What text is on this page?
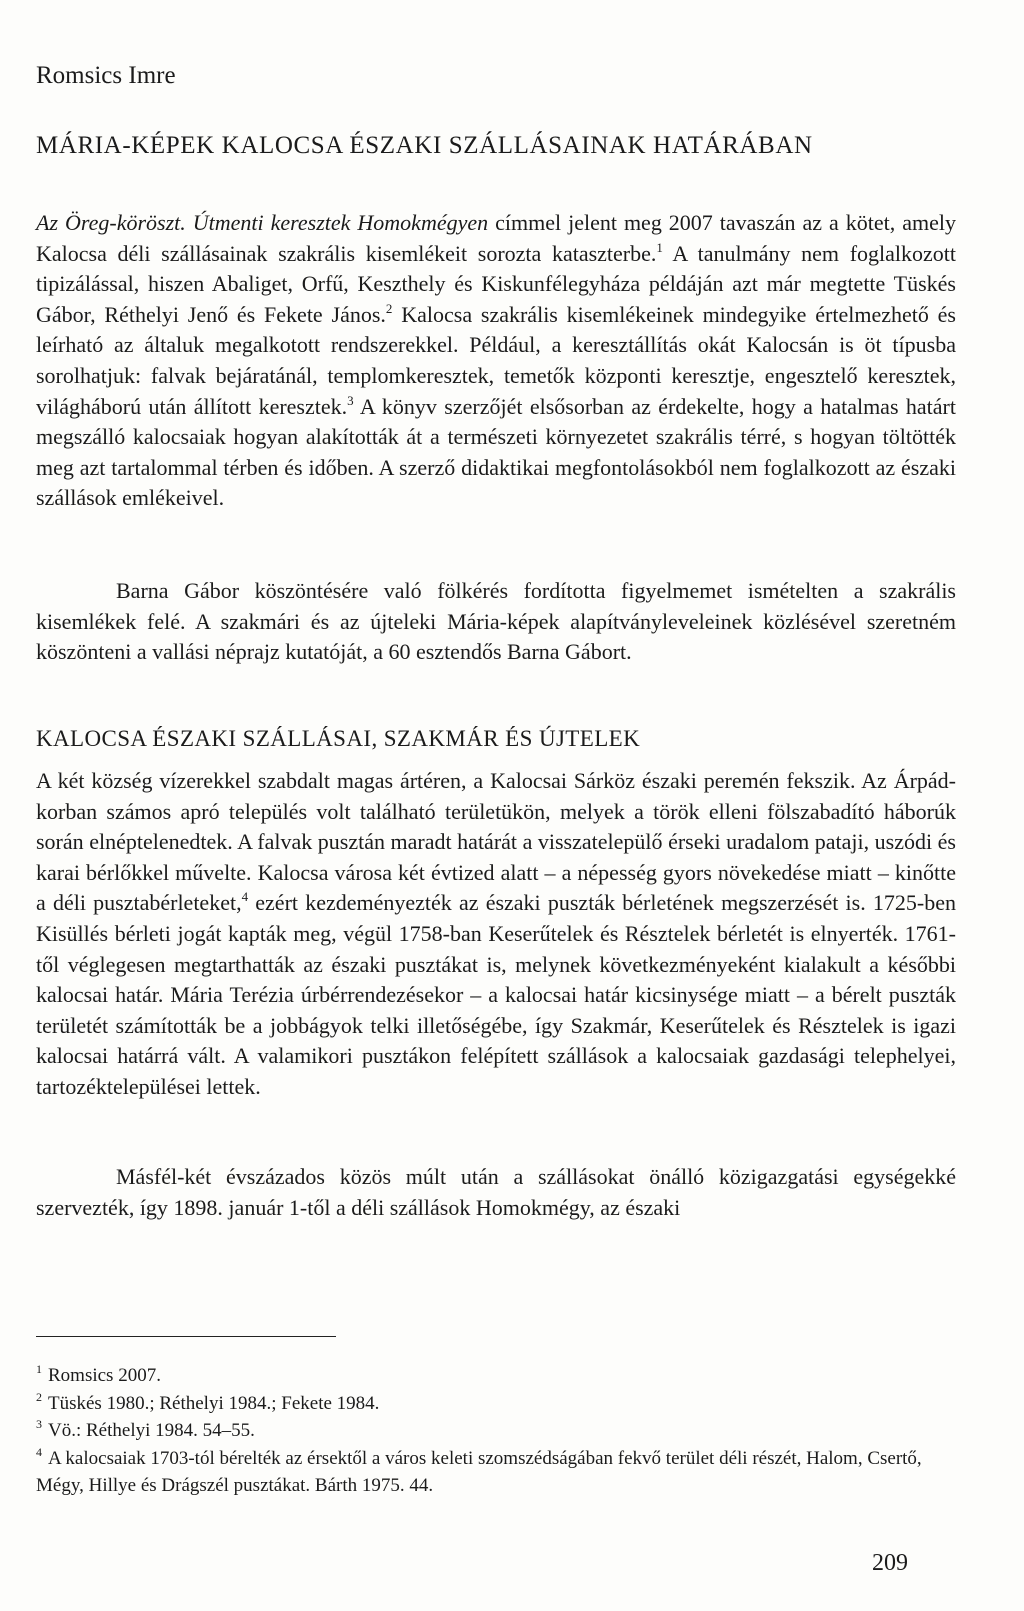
Romsics Imre
MÁRIA-KÉPEK KALOCSA ÉSZAKI SZÁLLÁSAINAK HATÁRÁBAN
Az Öreg-köröszt. Útmenti keresztek Homokmégyen címmel jelent meg 2007 tavaszán az a kötet, amely Kalocsa déli szállásainak szakrális kisemlékeit sorozta kataszterbe.$^1$ A tanulmány nem foglalkozott tipizálással, hiszen Abaliget, Orfű, Keszthely és Kiskunfélegyháza példáján azt már megtette Tüskés Gábor, Réthelyi Jenő és Fekete János.$^2$ Kalocsa szakrális kisemlékeinek mindegyike értelmezhető és leírható az általuk megalkotott rendszerekkel. Például, a keresztállítás okát Kalocsán is öt típusba sorolhatjuk: falvak bejáratánál, templomkeresztek, temetők központi keresztje, engesztelő keresztek, világháború után állított keresztek.$^3$ A könyv szerzőjét elsősorban az érdekelte, hogy a hatalmas határt megszálló kalocsaiak hogyan alakították át a természeti környezetet szakrális térré, s hogyan töltötték meg azt tartalommal térben és időben. A szerző didaktikai megfontolásokból nem foglalkozott az északi szállások emlékeivel.
Barna Gábor köszöntésére való fölkérés fordította figyelmemet ismételten a szakrális kisemlékek felé. A szakmári és az újteleki Mária-képek alapítványleveleinek közlésével szeretném köszönteni a vallási néprajz kutatóját, a 60 esztendős Barna Gábort.
KALOCSA ÉSZAKI SZÁLLÁSAI, SZAKMÁR ÉS ÚJTELEK
A két község vízerekkel szabdalt magas ártéren, a Kalocsai Sárköz északi peremén fekszik. Az Árpád-korban számos apró település volt található területükön, melyek a török elleni fölszabadító háborúk során elnéptelenedtek. A falvak pusztán maradt határát a visszatelepülő érseki uradalom pataji, uszódi és karai bérlőkkel művelte. Kalocsa városa két évtized alatt – a népesség gyors növekedése miatt – kinőtte a déli pusztabérleteket,$^4$ ezért kezdeményezték az északi puszták bérletének megszerzését is. 1725-ben Kisüllés bérleti jogát kapták meg, végül 1758-ban Keserűtelek és Résztelek bérletét is elnyerték. 1761-től véglegesen megtarthatták az északi pusztákat is, melynek következményeként kialakult a későbbi kalocsai határ. Mária Terézia úrbérrendezésekor – a kalocsai határ kicsinysége miatt – a bérelt puszták területét számították be a jobbágyok telki illetőségébe, így Szakmár, Keserűtelek és Résztelek is igazi kalocsai határrá vált. A valamikori pusztákon felépített szállások a kalocsaiak gazdasági telephelyei, tartozéktelepülései lettek.
Másfél-két évszázados közös múlt után a szállásokat önálló közigazgatási egységekké szervezték, így 1898. január 1-től a déli szállások Homokmégy, az északi
$^1$ Romsics 2007.
$^2$ Tüskés 1980.; Réthelyi 1984.; Fekete 1984.
$^3$ Vö.: Réthelyi 1984. 54–55.
$^4$ A kalocsaiak 1703-tól bérelték az érsektől a város keleti szomszédságában fekvő terület déli részét, Halom, Csertő, Mégy, Hillye és Drágszél pusztákat. Bárth 1975. 44.
209
